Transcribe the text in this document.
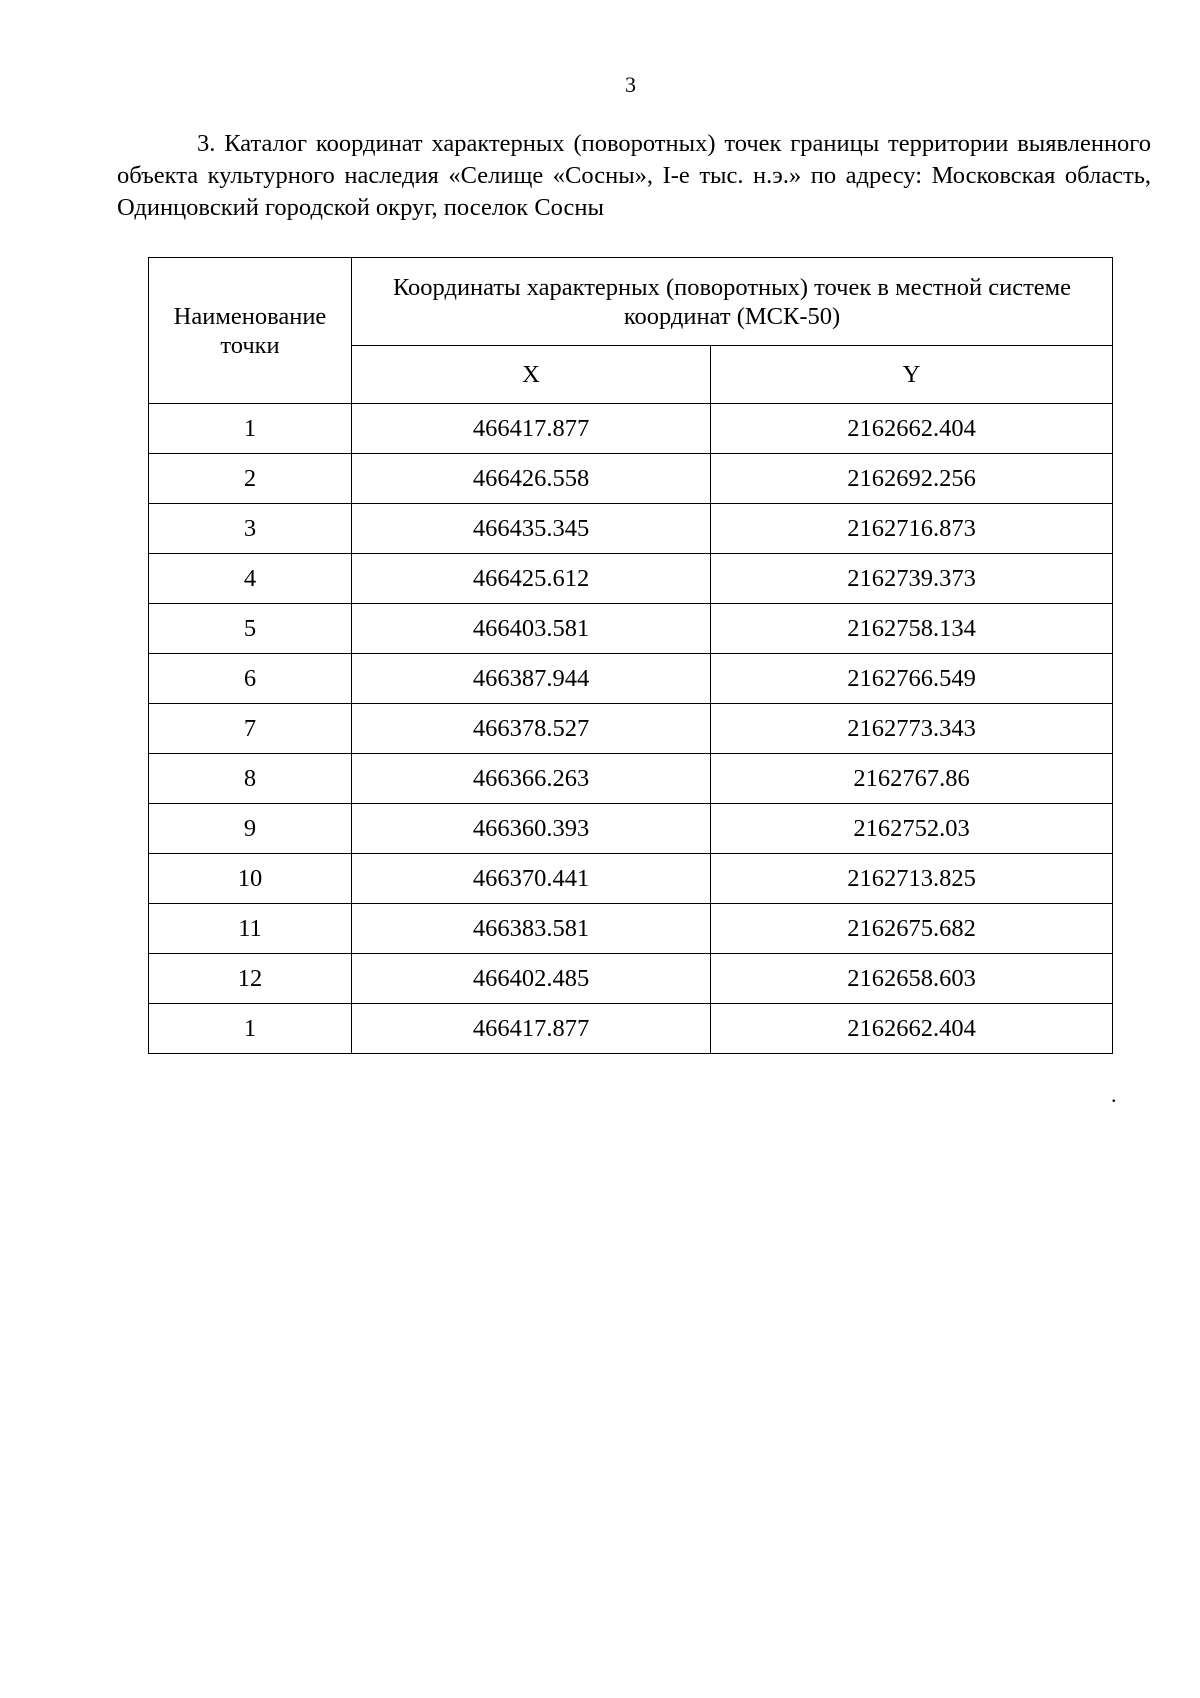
3

3. Каталог координат характерных (поворотных) точек границы территории выявленного объекта культурного наследия «Селище «Сосны», I-е тыс. н.э.» по адресу: Московская область, Одинцовский городской округ, поселок Сосны

Наименование точки	Координаты характерных (поворотных) точек в местной системе координат (МСК-50)	
	X	Y
1	466417.877	2162662.404
2	466426.558	2162692.256
3	466435.345	2162716.873
4	466425.612	2162739.373
5	466403.581	2162758.134
6	466387.944	2162766.549
7	466378.527	2162773.343
8	466366.263	2162767.86
9	466360.393	2162752.03
10	466370.441	2162713.825
11	466383.581	2162675.682
12	466402.485	2162658.603
1	466417.877	2162662.404
.
